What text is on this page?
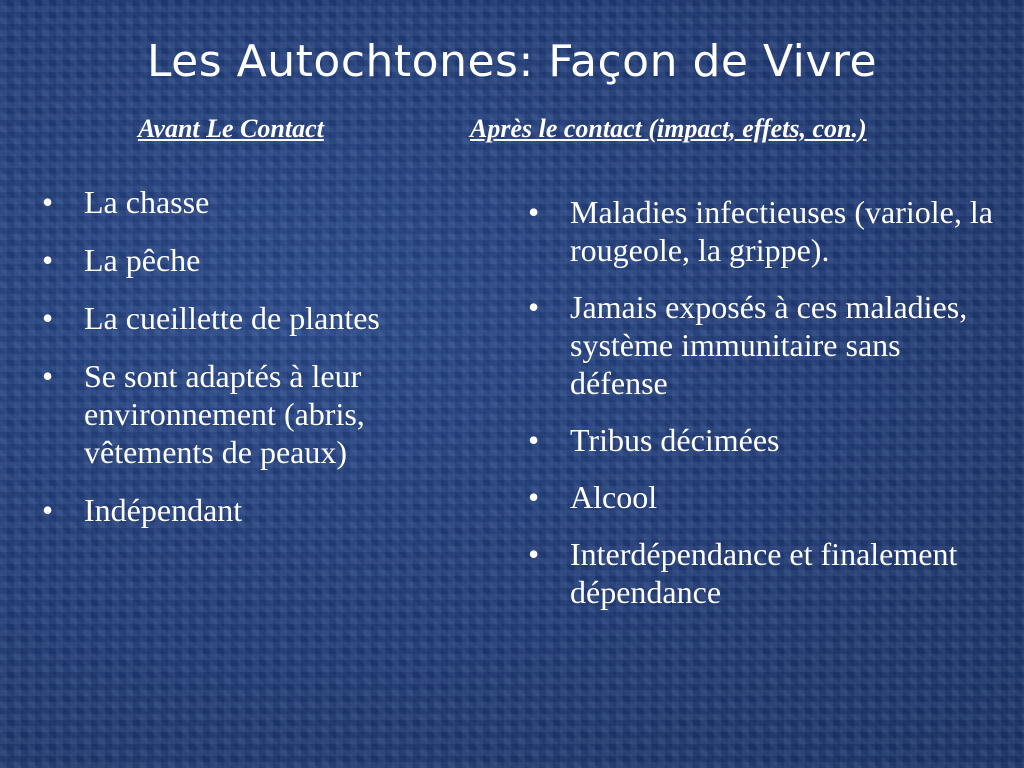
Les Autochtones: Façon de Vivre
Avant Le Contact	Après le contact (impact, effets, con.)
• La chasse
• La pêche
• La cueillette de plantes
• Se sont adaptés à leur environnement (abris, vêtements de peaux)
• Indépendant
• Maladies infectieuses (variole, la rougeole, la grippe).
• Jamais exposés à ces maladies, système immunitaire sans défense
• Tribus décimées
• Alcool
• Interdépendance et finalement dépendance
